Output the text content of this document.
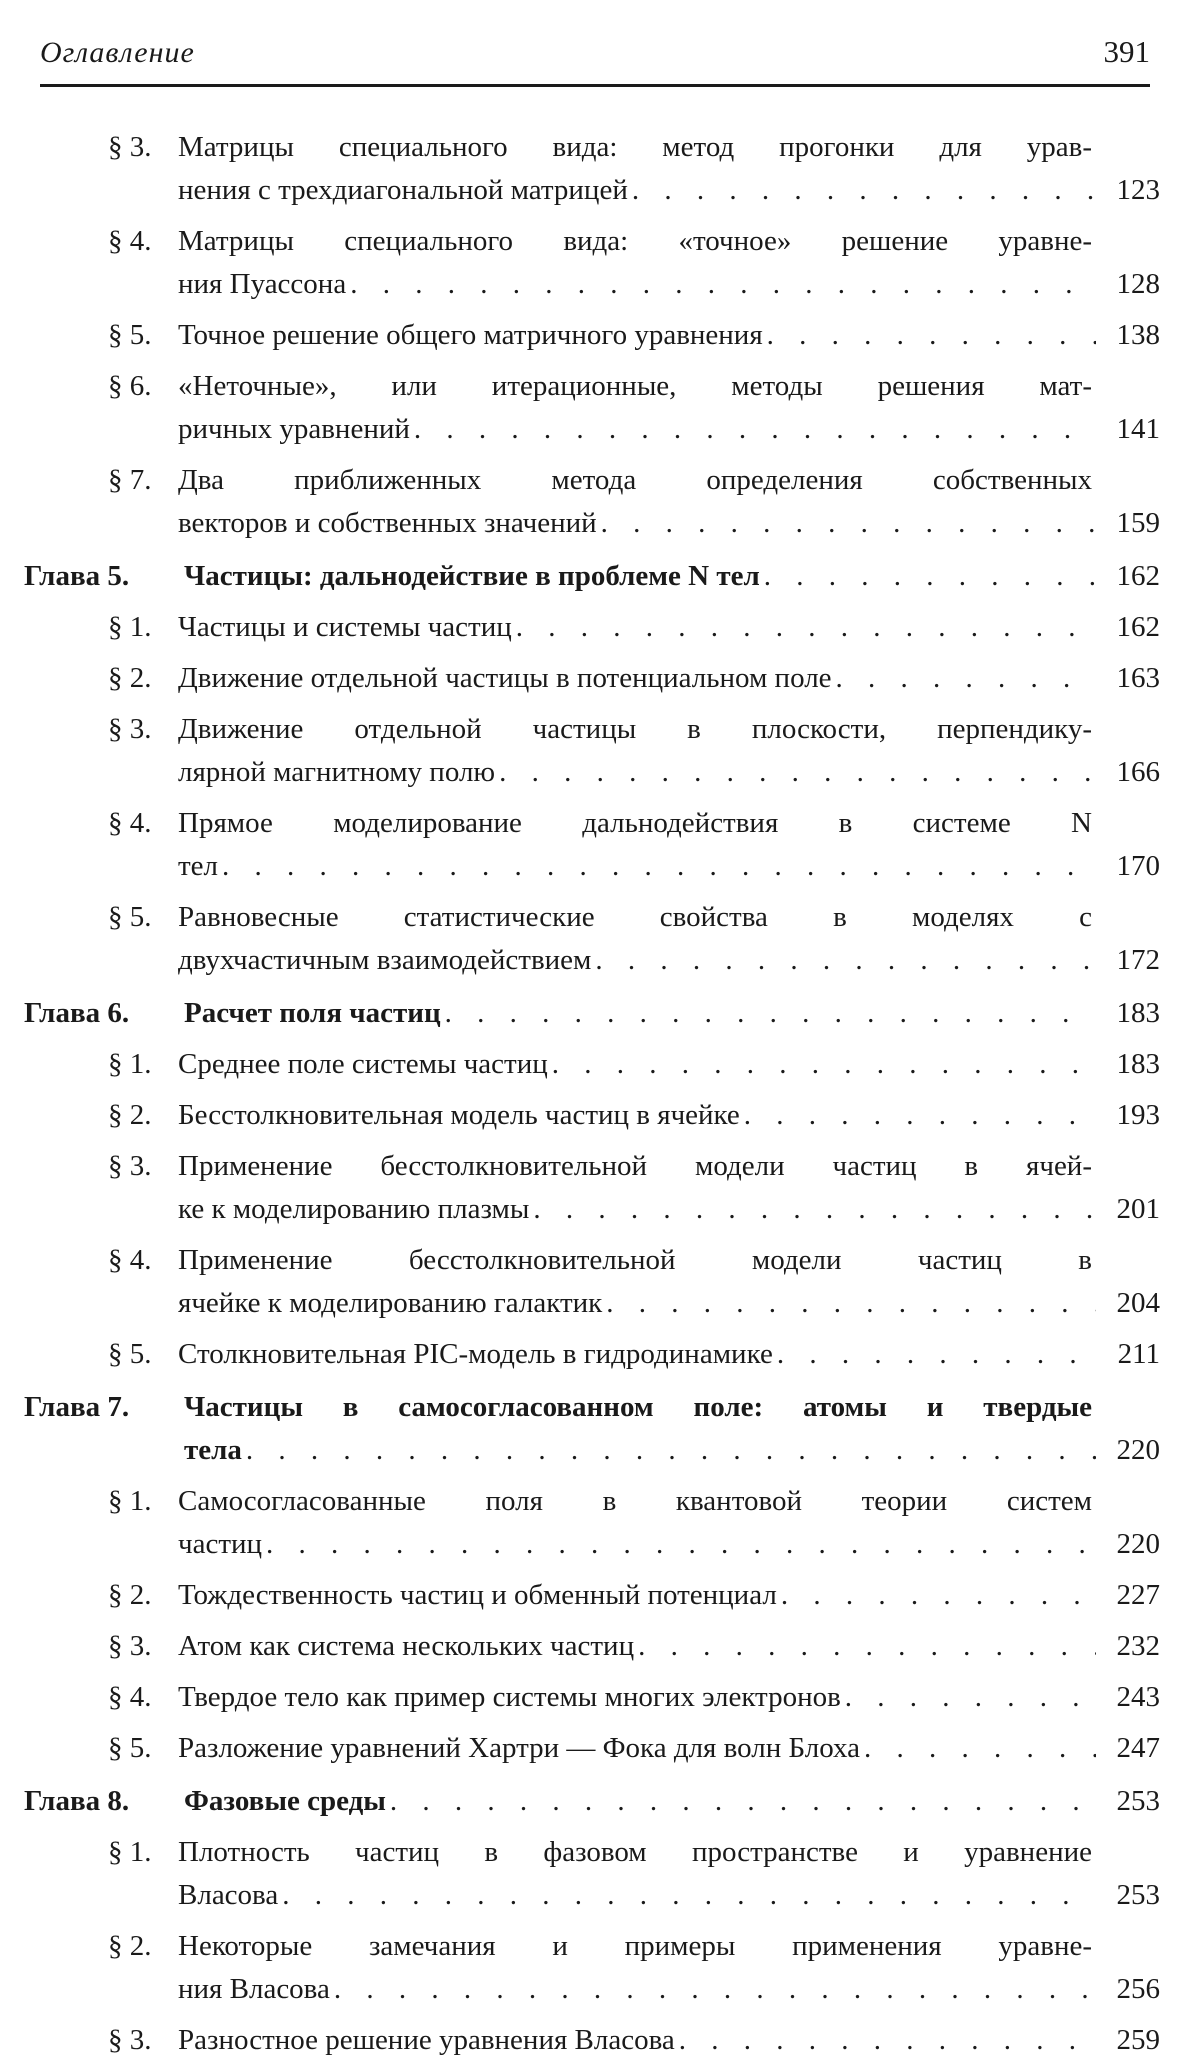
Оглавление	391
§ 3. Матрицы специального вида: метод прогонки для урав-
нения с трехдиагональной матрицей . . .	123
§ 4. Матрицы специального вида: «точное» решение уравне-
ния Пуассона . . .	128
§ 5. Точное решение общего матричного уравнения . . .	138
§ 6. «Неточные», или итерационные, методы решения мат-
ричных уравнений . . .	141
§ 7. Два приближенных метода определения собственных
векторов и собственных значений . . .	159
Глава 5.	Частицы: дальнодействие в проблеме N тел . . .	162
§ 1. Частицы и системы частиц . . .	162
§ 2. Движение отдельной частицы в потенциальном поле . . .	163
§ 3. Движение отдельной частицы в плоскости, перпендику-
лярной магнитному полю . . .	166
§ 4. Прямое моделирование дальнодействия в системе N
тел . . .	170
§ 5. Равновесные статистические свойства в моделях с
двухчастичным взаимодействием . . .	172
Глава 6.	Расчет поля частиц . . .	183
§ 1. Среднее поле системы частиц . . .	183
§ 2. Бесстолкновительная модель частиц в ячейке . . .	193
§ 3. Применение бесстолкновительной модели частиц в ячей-
ке к моделированию плазмы . . .	201
§ 4. Применение бесстолкновительной модели частиц в
ячейке к моделированию галактик . . .	204
§ 5. Столкновительная PIC-модель в гидродинамике . . .	211
Глава 7.	Частицы в самосогласованном поле: атомы и твердые
тела . . .	220
§ 1. Самосогласованные поля в квантовой теории систем
частиц . . .	220
§ 2. Тождественность частиц и обменный потенциал . . .	227
§ 3. Атом как система нескольких частиц . . .	232
§ 4. Твердое тело как пример системы многих электронов . . .	243
§ 5. Разложение уравнений Хартри — Фока для волн Блоха . . .	247
Глава 8.	Фазовые среды . . .	253
§ 1. Плотность частиц в фазовом пространстве и уравнение
Власова . . .	253
§ 2. Некоторые замечания и примеры применения уравне-
ния Власова . . .	256
§ 3. Разностное решение уравнения Власова . . .	259
